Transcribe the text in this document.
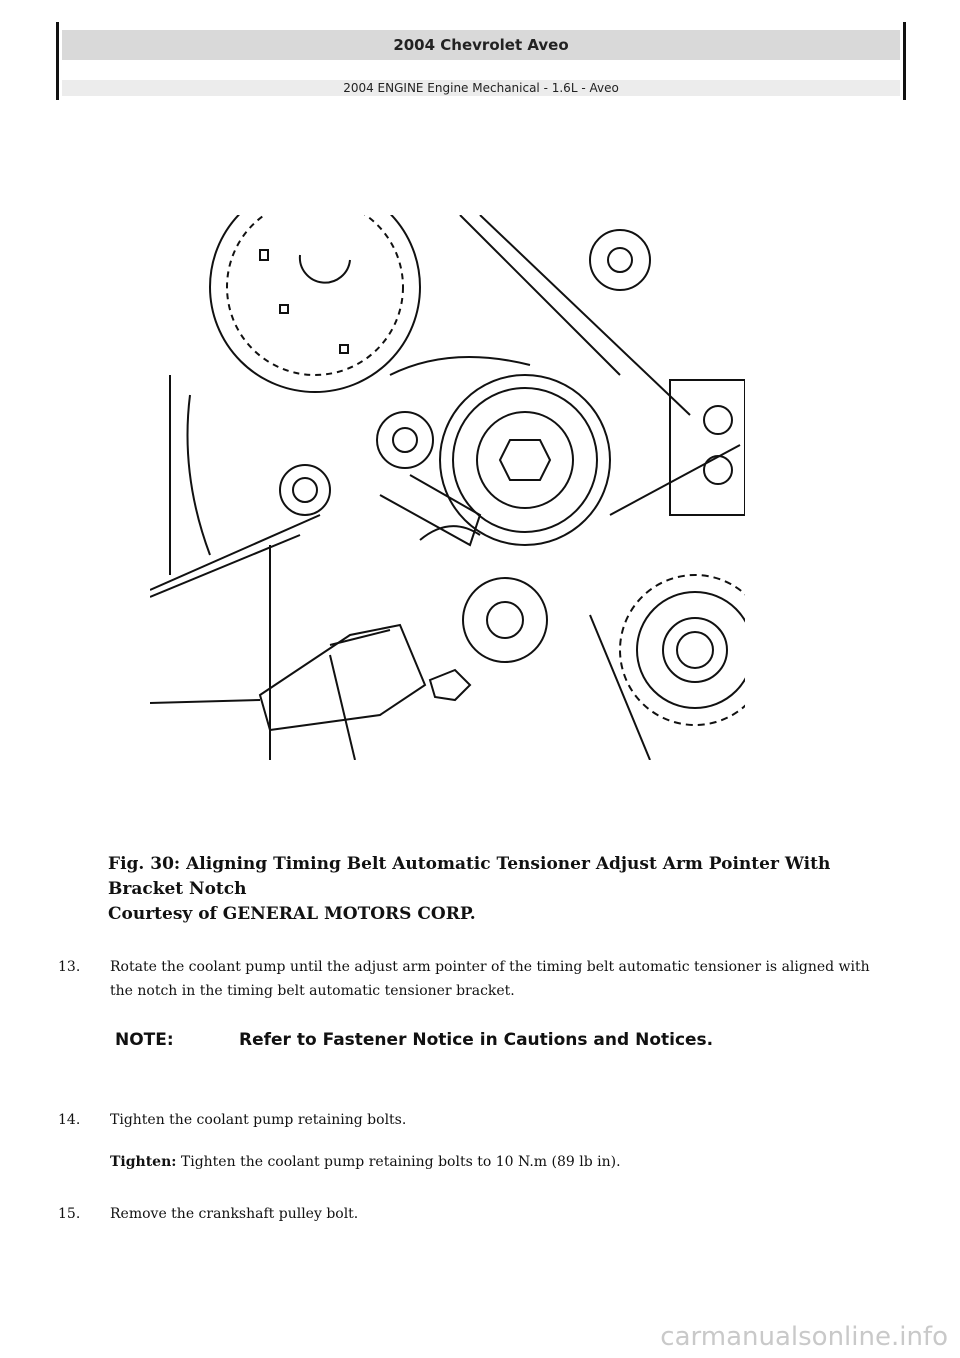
2004 Chevrolet Aveo
2004 ENGINE Engine Mechanical - 1.6L - Aveo
Fig. 30: Aligning Timing Belt Automatic Tensioner Adjust Arm Pointer With Bracket Notch
Courtesy of GENERAL MOTORS CORP.
13.	Rotate the coolant pump until the adjust arm pointer of the timing belt automatic tensioner is aligned with the notch in the timing belt automatic tensioner bracket.
NOTE:	Refer to Fastener Notice in Cautions and Notices.
14.	Tighten the coolant pump retaining bolts.
Tighten: Tighten the coolant pump retaining bolts to 10 N.m (89 lb in).
15.	Remove the crankshaft pulley bolt.
carmanualsonline.info
